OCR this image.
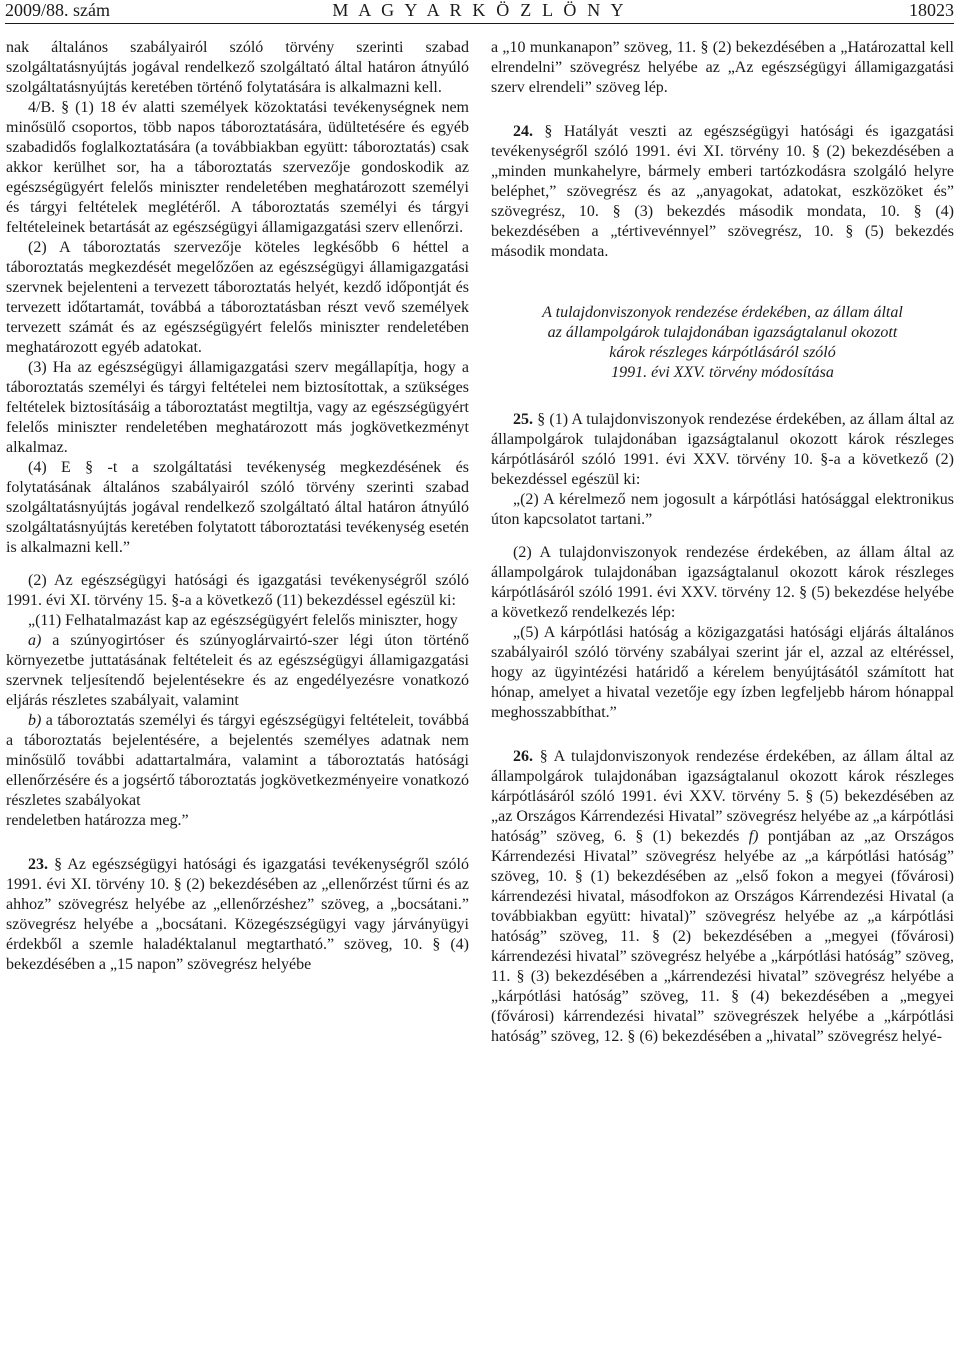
2009/88. szám	M A G Y A R K Ö Z L Ö N Y	18023

nak általános szabályairól szóló törvény szerinti szabad szolgáltatásnyújtás jogával rendelkező szolgáltató által határon átnyúló szolgáltatásnyújtás keretében történő folytatására is alkalmazni kell.

4/B. § (1) 18 év alatti személyek közoktatási tevékenységnek nem minősülő csoportos, több napos táboroztatására, üdültetésére és egyéb szabadidős foglalkoztatására (a továbbiakban együtt: táboroztatás) csak akkor kerülhet sor, ha a táboroztatás szervezője gondoskodik az egészségügyért felelős miniszter rendeletében meghatározott személyi és tárgyi feltételek meglétéről. A táboroztatás személyi és tárgyi feltételeinek betartását az egészségügyi államigazgatási szerv ellenőrzi.

(2) A táboroztatás szervezője köteles legkésőbb 6 héttel a táboroztatás megkezdését megelőzően az egészségügyi államigazgatási szervnek bejelenteni a tervezett táboroztatás helyét, kezdő időpontját és tervezett időtartamát, továbbá a táboroztatásban részt vevő személyek tervezett számát és az egészségügyért felelős miniszter rendeletében meghatározott egyéb adatokat.

(3) Ha az egészségügyi államigazgatási szerv megállapítja, hogy a táboroztatás személyi és tárgyi feltételei nem biztosítottak, a szükséges feltételek biztosításáig a táboroztatást megtiltja, vagy az egészségügyért felelős miniszter rendeletében meghatározott más jogkövetkezményt alkalmaz.

(4) E § -t a szolgáltatási tevékenység megkezdésének és folytatásának általános szabályairól szóló törvény szerinti szabad szolgáltatásnyújtás jogával rendelkező szolgáltató által határon átnyúló szolgáltatásnyújtás keretében folytatott táboroztatási tevékenység esetén is alkalmazni kell.”

(2) Az egészségügyi hatósági és igazgatási tevékenységről szóló 1991. évi XI. törvény 15. §-a a következő (11) bekezdéssel egészül ki:

„(11) Felhatalmazást kap az egészségügyért felelős miniszter, hogy

a) a szúnyogirtóser és szúnyoglárvairtó-szer légi úton történő környezetbe juttatásának feltételeit és az egészségügyi államigazgatási szervnek teljesítendő bejelentésekre és az engedélyezésre vonatkozó eljárás részletes szabályait, valamint

b) a táboroztatás személyi és tárgyi egészségügyi feltételeit, továbbá a táboroztatás bejelentésére, a bejelentés személyes adatnak nem minősülő további adattartalmára, valamint a táboroztatás hatósági ellenőrzésére és a jogsértő táboroztatás jogkövetkezményeire vonatkozó részletes szabályokat

rendeletben határozza meg.”

23. § Az egészségügyi hatósági és igazgatási tevékenységről szóló 1991. évi XI. törvény 10. § (2) bekezdésében az „ellenőrzést tűrni és az ahhoz” szövegrész helyébe az „ellenőrzéshez” szöveg, a „bocsátani.” szövegrész helyébe a „bocsátani. Közegészségügyi vagy járványügyi érdekből a szemle haladéktalanul megtartható.” szöveg, 10. § (4) bekezdésében a „15 napon” szövegrész helyébe

a „10 munkanapon” szöveg, 11. § (2) bekezdésében a „Határozattal kell elrendelni” szövegrész helyébe az „Az egészségügyi államigazgatási szerv elrendeli” szöveg lép.

24. § Hatályát veszti az egészségügyi hatósági és igazgatási tevékenységről szóló 1991. évi XI. törvény 10. § (2) bekezdésében a „minden munkahelyre, bármely emberi tartózkodásra szolgáló helyre beléphet,” szövegrész és az „anyagokat, adatokat, eszközöket és” szövegrész, 10. § (3) bekezdés második mondata, 10. § (4) bekezdésében a „tértivevénnyel” szövegrész, 10. § (5) bekezdés második mondata.

A tulajdonviszonyok rendezése érdekében, az állam által
az állampolgárok tulajdonában igazságtalanul okozott
károk részleges kárpótlásáról szóló
1991. évi XXV. törvény módosítása

25. § (1) A tulajdonviszonyok rendezése érdekében, az állam által az állampolgárok tulajdonában igazságtalanul okozott károk részleges kárpótlásáról szóló 1991. évi XXV. törvény 10. §-a a következő (2) bekezdéssel egészül ki:

„(2) A kérelmező nem jogosult a kárpótlási hatósággal elektronikus úton kapcsolatot tartani.”

(2) A tulajdonviszonyok rendezése érdekében, az állam által az állampolgárok tulajdonában igazságtalanul okozott károk részleges kárpótlásáról szóló 1991. évi XXV. törvény 12. § (5) bekezdése helyébe a következő rendelkezés lép:

„(5) A kárpótlási hatóság a közigazgatási hatósági eljárás általános szabályairól szóló törvény szabályai szerint jár el, azzal az eltéréssel, hogy az ügyintézési határidő a kérelem benyújtásától számított hat hónap, amelyet a hivatal vezetője egy ízben legfeljebb három hónappal meghosszabbíthat.”

26. § A tulajdonviszonyok rendezése érdekében, az állam által az állampolgárok tulajdonában igazságtalanul okozott károk részleges kárpótlásáról szóló 1991. évi XXV. törvény 5. § (5) bekezdésében az „az Országos Kárrendezési Hivatal” szövegrész helyébe az „a kárpótlási hatóság” szöveg, 6. § (1) bekezdés f) pontjában az „az Országos Kárrendezési Hivatal” szövegrész helyébe az „a kárpótlási hatóság” szöveg, 10. § (1) bekezdésében az „első fokon a megyei (fővárosi) kárrendezési hivatal, másodfokon az Országos Kárrendezési Hivatal (a továbbiakban együtt: hivatal)” szövegrész helyébe az „a kárpótlási hatóság” szöveg, 11. § (2) bekezdésében a „megyei (fővárosi) kárrendezési hivatal” szövegrész helyébe a „kárpótlási hatóság” szöveg, 11. § (3) bekezdésében a „kárrendezési hivatal” szövegrész helyébe a „kárpótlási hatóság” szöveg, 11. § (4) bekezdésében a „megyei (fővárosi) kárrendezési hivatal” szövegrészek helyébe a „kárpótlási hatóság” szöveg, 12. § (6) bekezdésében a „hivatal” szövegrész helyé-
